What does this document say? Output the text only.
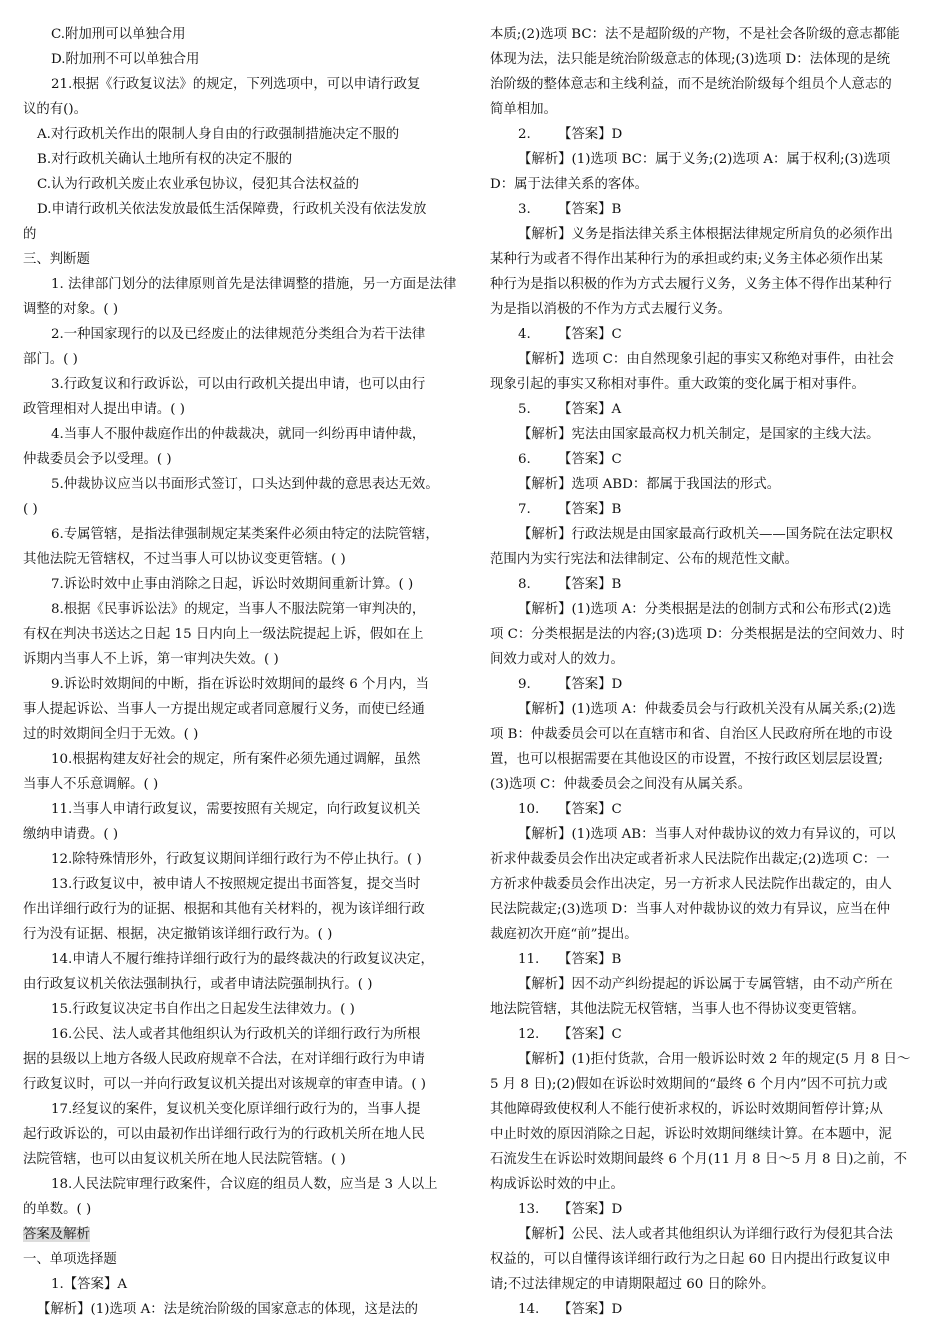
C.附加刑可以单独合用
D.附加刑不可以单独合用
21.根据《行政复议法》的规定，下列选项中，可以申请行政复
议的有()。
A.对行政机关作出的限制人身自由的行政强制措施决定不服的
B.对行政机关确认土地所有权的决定不服的
C.认为行政机关废止农业承包协议，侵犯其合法权益的
D.申请行政机关依法发放最低生活保障费，行政机关没有依法发放
的
三、判断题
1. 法律部门划分的法律原则首先是法律调整的措施，另一方面是法律
调整的对象。( )
2.一种国家现行的以及已经废止的法律规范分类组合为若干法律
部门。( )
3.行政复议和行政诉讼，可以由行政机关提出申请，也可以由行
政管理相对人提出申请。( )
4.当事人不服仲裁庭作出的仲裁裁决，就同一纠纷再申请仲裁，
仲裁委员会予以受理。( )
5.仲裁协议应当以书面形式签订，口头达到仲裁的意思表达无效。
( )
6.专属管辖，是指法律强制规定某类案件必须由特定的法院管辖，
其他法院无管辖权，不过当事人可以协议变更管辖。( )
7.诉讼时效中止事由消除之日起，诉讼时效期间重新计算。( )
8.根据《民事诉讼法》的规定，当事人不服法院第一审判决的，
有权在判决书送达之日起 15 日内向上一级法院提起上诉，假如在上
诉期内当事人不上诉，第一审判决失效。( )
9.诉讼时效期间的中断，指在诉讼时效期间的最终 6 个月内，当
事人提起诉讼、当事人一方提出规定或者同意履行义务，而使已经通
过的时效期间全归于无效。( )
10.根据构建友好社会的规定，所有案件必须先通过调解，虽然
当事人不乐意调解。( )
11.当事人申请行政复议，需要按照有关规定，向行政复议机关
缴纳申请费。( )
12.除特殊情形外，行政复议期间详细行政行为不停止执行。( )
13.行政复议中，被申请人不按照规定提出书面答复，提交当时
作出详细行政行为的证据、根据和其他有关材料的，视为该详细行政
行为没有证据、根据，决定撤销该详细行政行为。( )
14.申请人不履行维持详细行政行为的最终裁决的行政复议决定，
由行政复议机关依法强制执行，或者申请法院强制执行。( )
15.行政复议决定书自作出之日起发生法律效力。( )
16.公民、法人或者其他组织认为行政机关的详细行政行为所根
据的县级以上地方各级人民政府规章不合法，在对详细行政行为申请
行政复议时，可以一并向行政复议机关提出对该规章的审查申请。( )
17.经复议的案件，复议机关变化原详细行政行为的，当事人提
起行政诉讼的，可以由最初作出详细行政行为的行政机关所在地人民
法院管辖，也可以由复议机关所在地人民法院管辖。( )
18.人民法院审理行政案件，合议庭的组员人数，应当是 3 人以上
的单数。( )
答案及解析
一、单项选择题
1.【答案】A
【解析】(1)选项 A：法是统治阶级的国家意志的体现，这是法的
本质;(2)选项 BC：法不是超阶级的产物，不是社会各阶级的意志都能
体现为法，法只能是统治阶级意志的体现;(3)选项 D：法体现的是统
治阶级的整体意志和主线利益，而不是统治阶级每个组员个人意志的
简单相加。
2. 【答案】D
【解析】(1)选项 BC：属于义务;(2)选项 A：属于权利;(3)选项
D：属于法律关系的客体。
3. 【答案】B
【解析】义务是指法律关系主体根据法律规定所肩负的必须作出
某种行为或者不得作出某种行为的承担或约束;义务主体必须作出某
种行为是指以积极的作为方式去履行义务，义务主体不得作出某种行
为是指以消极的不作为方式去履行义务。
4. 【答案】C
【解析】选项 C：由自然现象引起的事实又称绝对事件，由社会
现象引起的事实又称相对事件。重大政策的变化属于相对事件。
5. 【答案】A
【解析】宪法由国家最高权力机关制定，是国家的主线大法。
6. 【答案】C
【解析】选项 ABD：都属于我国法的形式。
7. 【答案】B
【解析】行政法规是由国家最高行政机关——国务院在法定职权
范围内为实行宪法和法律制定、公布的规范性文献。
8. 【答案】B
【解析】(1)选项 A：分类根据是法的创制方式和公布形式(2)选
项 C：分类根据是法的内容;(3)选项 D：分类根据是法的空间效力、时
间效力或对人的效力。
9. 【答案】D
【解析】(1)选项 A：仲裁委员会与行政机关没有从属关系;(2)选
项 B：仲裁委员会可以在直辖市和省、自治区人民政府所在地的市设
置，也可以根据需要在其他设区的市设置，不按行政区划层层设置;
(3)选项 C：仲裁委员会之间没有从属关系。
10. 【答案】C
【解析】(1)选项 AB：当事人对仲裁协议的效力有异议的，可以
祈求仲裁委员会作出决定或者祈求人民法院作出裁定;(2)选项 C：一
方祈求仲裁委员会作出决定，另一方祈求人民法院作出裁定的，由人
民法院裁定;(3)选项 D：当事人对仲裁协议的效力有异议，应当在仲
裁庭初次开庭“前”提出。
11. 【答案】B
【解析】因不动产纠纷提起的诉讼属于专属管辖，由不动产所在
地法院管辖，其他法院无权管辖，当事人也不得协议变更管辖。
12. 【答案】C
【解析】(1)拒付货款，合用一般诉讼时效 2 年的规定(5 月 8 日～
5 月 8 日);(2)假如在诉讼时效期间的“最终 6 个月内”因不可抗力或
其他障碍致使权利人不能行使祈求权的，诉讼时效期间暂停计算;从
中止时效的原因消除之日起，诉讼时效期间继续计算。在本题中，泥
石流发生在诉讼时效期间最终 6 个月(11 月 8 日～5 月 8 日)之前，不
构成诉讼时效的中止。
13. 【答案】D
【解析】公民、法人或者其他组织认为详细行政行为侵犯其合法
权益的，可以自懂得该详细行政行为之日起 60 日内提出行政复议申
请;不过法律规定的申请期限超过 60 日的除外。
14. 【答案】D
